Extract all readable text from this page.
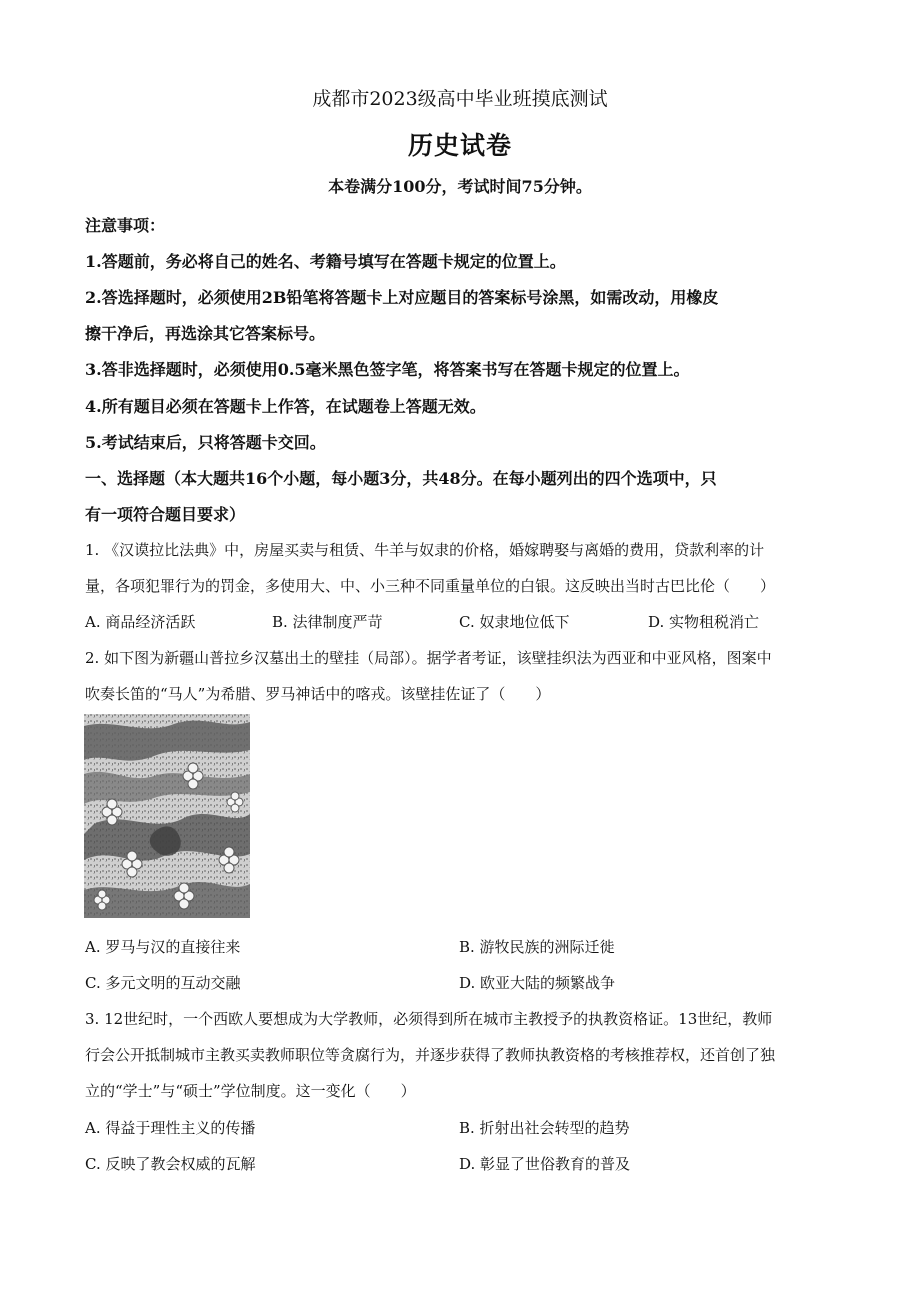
成都市2023级高中毕业班摸底测试
历史试卷
本卷满分100分，考试时间75分钟。
注意事项：
1.答题前，务必将自己的姓名、考籍号填写在答题卡规定的位置上。
2.答选择题时，必须使用2B铅笔将答题卡上对应题目的答案标号涂黑，如需改动，用橡皮
擦干净后，再选涂其它答案标号。
3.答非选择题时，必须使用0.5毫米黑色签字笔，将答案书写在答题卡规定的位置上。
4.所有题目必须在答题卡上作答，在试题卷上答题无效。
5.考试结束后，只将答题卡交回。
一、选择题（本大题共16个小题，每小题3分，共48分。在每小题列出的四个选项中，只
有一项符合题目要求）
1. 《汉谟拉比法典》中，房屋买卖与租赁、牛羊与奴隶的价格，婚嫁聘娶与离婚的费用，贷款利率的计
量，各项犯罪行为的罚金，多使用大、中、小三种不同重量单位的白银。这反映出当时古巴比伦（　　）
A. 商品经济活跃	B. 法律制度严苛	C. 奴隶地位低下	D. 实物租税消亡
2. 如下图为新疆山普拉乡汉墓出土的壁挂（局部）。据学者考证，该壁挂织法为西亚和中亚风格，图案中
吹奏长笛的“马人”为希腊、罗马神话中的喀戎。该壁挂佐证了（　　）
A. 罗马与汉的直接往来	B. 游牧民族的洲际迁徙
C. 多元文明的互动交融	D. 欧亚大陆的频繁战争
3. 12世纪时，一个西欧人要想成为大学教师，必须得到所在城市主教授予的执教资格证。13世纪，教师
行会公开抵制城市主教买卖教师职位等贪腐行为，并逐步获得了教师执教资格的考核推荐权，还首创了独
立的“学士”与“硕士”学位制度。这一变化（　　）
A. 得益于理性主义的传播	B. 折射出社会转型的趋势
C. 反映了教会权威的瓦解	D. 彰显了世俗教育的普及
